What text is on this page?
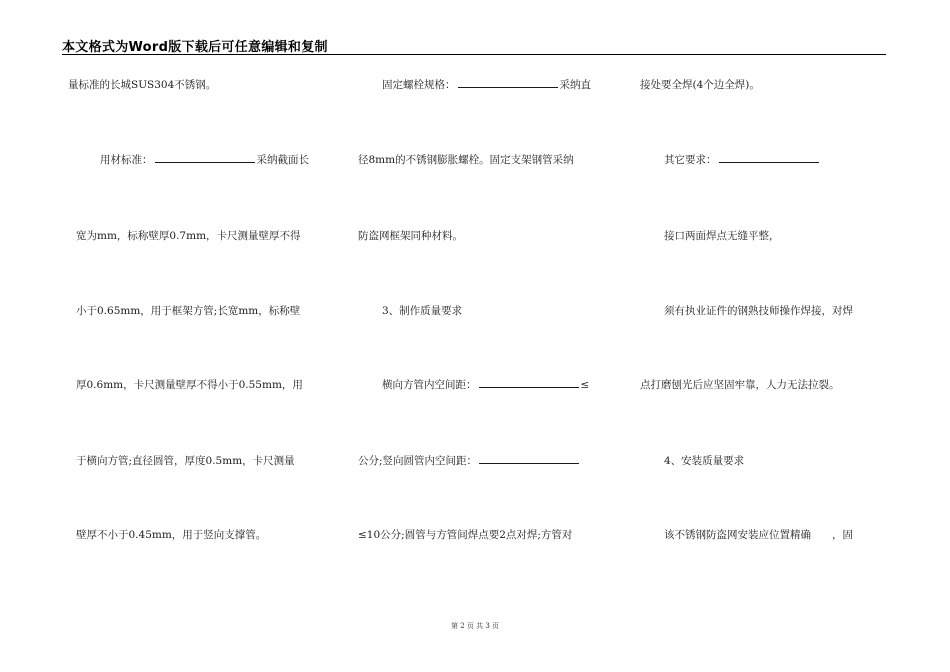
本文格式为Word版下载后可任意编辑和复制
量标准的长城SUS304不锈钢。
用材标准：	采纳截面长
宽为mm，标称壁厚0.7mm，卡尺测量壁厚不得
小于0.65mm，用于框架方管;长宽mm，标称壁
厚0.6mm，卡尺测量壁厚不得小于0.55mm，用
于横向方管;直径圆管，厚度0.5mm，卡尺测量
壁厚不小于0.45mm，用于竖向支撑管。
固定螺栓规格：	采纳直
径8mm的不锈钢膨胀螺栓。固定支架钢管采纳
防盗网框架同种材料。
3、制作质量要求
横向方管内空间距：	≤
公分;竖向圆管内空间距：
≤10公分;圆管与方管间焊点要2点对焊;方管对
接处要全焊(4个边全焊)。
其它要求：
接口两面焊点无缝平整，
须有执业证件的钢熟技师操作焊接，对焊
点打磨刨光后应坚固牢靠，人力无法拉裂。
4、安装质量要求
该不锈钢防盗网安装应位置精确　　，固
第 2 页 共 3 页
